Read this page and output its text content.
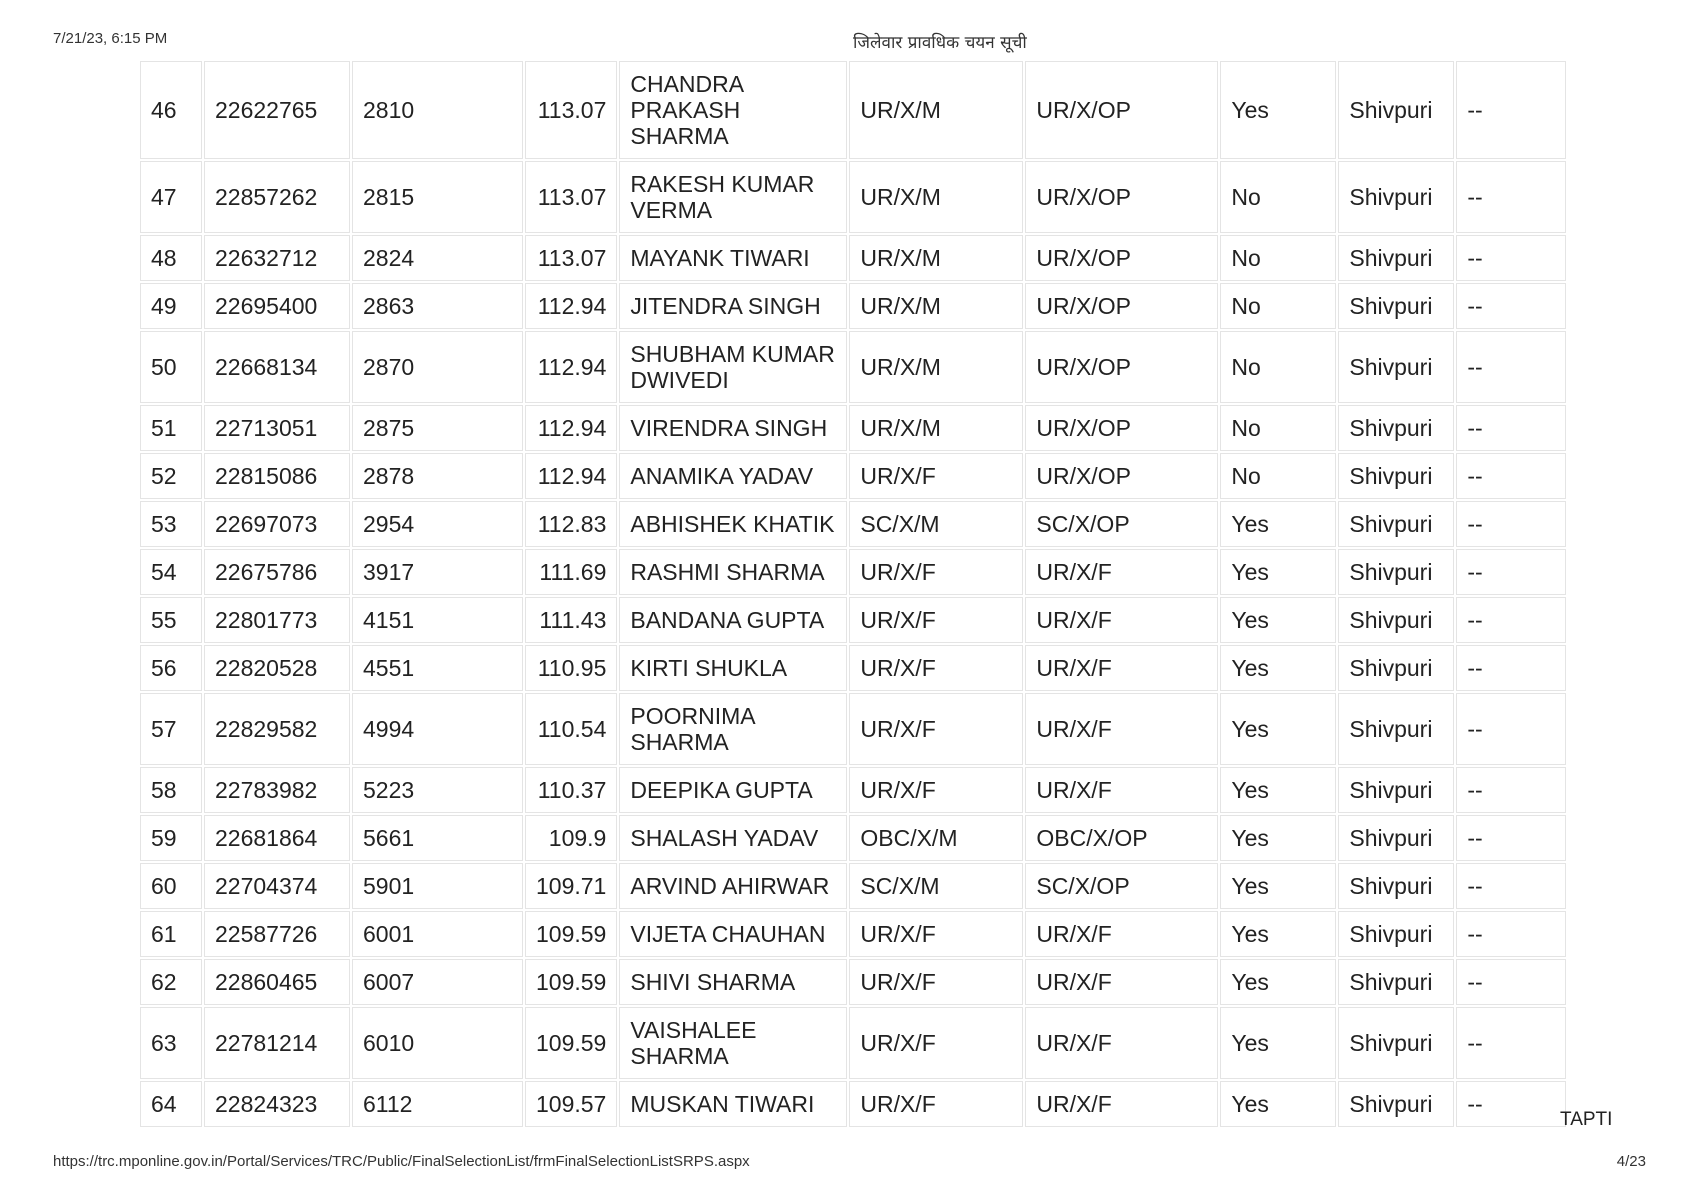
7/21/23, 6:15 PM	जिलेवार प्रावधिक चयन सूची
46	22622765	2810	113.07	CHANDRA PRAKASH SHARMA	UR/X/M	UR/X/OP	Yes	Shivpuri	--
47	22857262	2815	113.07	RAKESH KUMAR VERMA	UR/X/M	UR/X/OP	No	Shivpuri	--
48	22632712	2824	113.07	MAYANK TIWARI	UR/X/M	UR/X/OP	No	Shivpuri	--
49	22695400	2863	112.94	JITENDRA SINGH	UR/X/M	UR/X/OP	No	Shivpuri	--
50	22668134	2870	112.94	SHUBHAM KUMAR DWIVEDI	UR/X/M	UR/X/OP	No	Shivpuri	--
51	22713051	2875	112.94	VIRENDRA SINGH	UR/X/M	UR/X/OP	No	Shivpuri	--
52	22815086	2878	112.94	ANAMIKA YADAV	UR/X/F	UR/X/OP	No	Shivpuri	--
53	22697073	2954	112.83	ABHISHEK KHATIK	SC/X/M	SC/X/OP	Yes	Shivpuri	--
54	22675786	3917	111.69	RASHMI SHARMA	UR/X/F	UR/X/F	Yes	Shivpuri	--
55	22801773	4151	111.43	BANDANA GUPTA	UR/X/F	UR/X/F	Yes	Shivpuri	--
56	22820528	4551	110.95	KIRTI SHUKLA	UR/X/F	UR/X/F	Yes	Shivpuri	--
57	22829582	4994	110.54	POORNIMA SHARMA	UR/X/F	UR/X/F	Yes	Shivpuri	--
58	22783982	5223	110.37	DEEPIKA GUPTA	UR/X/F	UR/X/F	Yes	Shivpuri	--
59	22681864	5661	109.9	SHALASH YADAV	OBC/X/M	OBC/X/OP	Yes	Shivpuri	--
60	22704374	5901	109.71	ARVIND AHIRWAR	SC/X/M	SC/X/OP	Yes	Shivpuri	--
61	22587726	6001	109.59	VIJETA CHAUHAN	UR/X/F	UR/X/F	Yes	Shivpuri	--
62	22860465	6007	109.59	SHIVI SHARMA	UR/X/F	UR/X/F	Yes	Shivpuri	--
63	22781214	6010	109.59	VAISHALEE SHARMA	UR/X/F	UR/X/F	Yes	Shivpuri	--
64	22824323	6112	109.57	MUSKAN TIWARI	UR/X/F	UR/X/F	Yes	Shivpuri	--
TAPTI
https://trc.mponline.gov.in/Portal/Services/TRC/Public/FinalSelectionList/frmFinalSelectionListSRPS.aspx	4/23
